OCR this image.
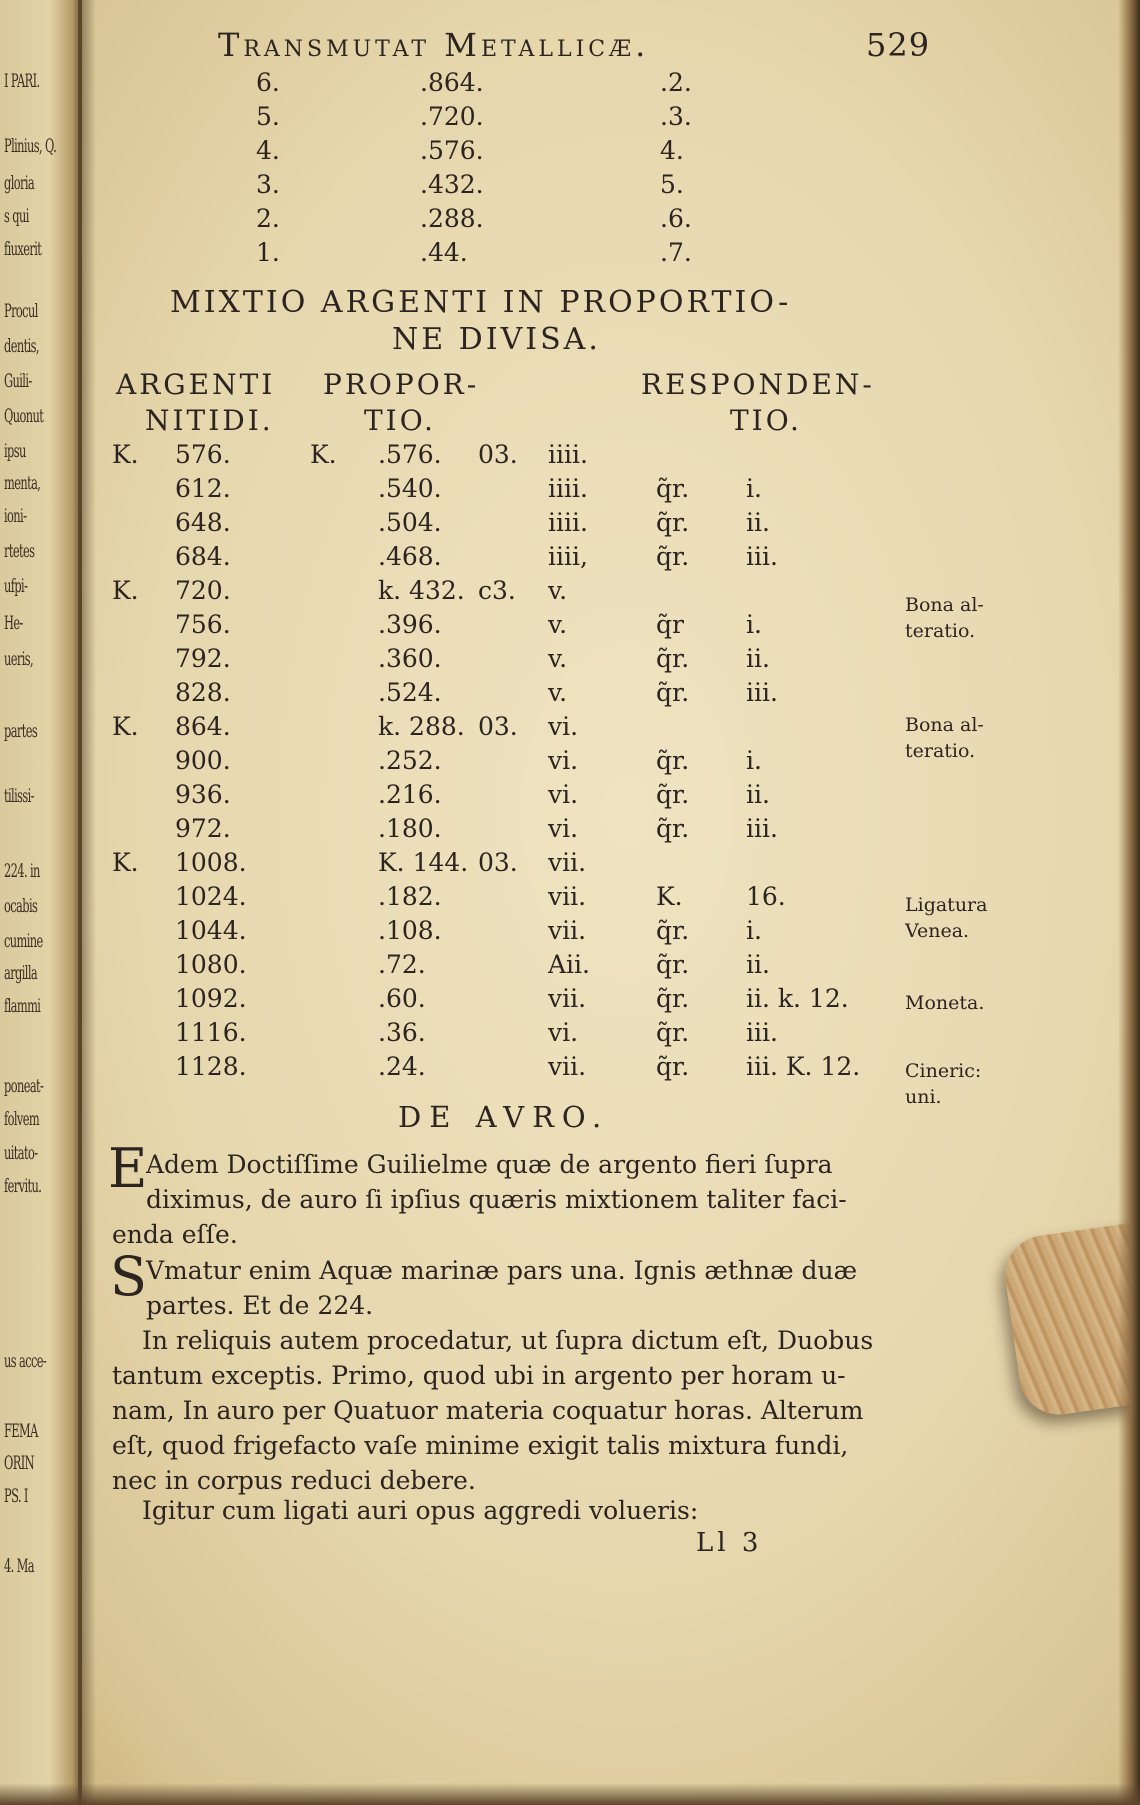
I PARI.
Plinius, Q.
gloria
s qui
fiuxerit
Procul
dentis,
Guili-
Quonut
ipsu
menta,
ioni-
rtetes
ufpi-
He-
ueris,
partes
tilissi-
224. in
ocabis
cumine
argilla
flammi
poneat-
folvem
uitato-
fervitu.
us acce-
FEMA
ORIN
PS. I
4. Ma
Transmutat Metallicæ.	529
6.	.864.	.2.
5.	.720.	.3.
4.	.576.	4.
3.	.432.	5.
2.	.288.	.6.
1.	.44.	.7.
MIXTIO ARGENTI IN PROPORTIO-
NE DIVISA.
ARGENTI
NITIDI.
PROPOR-
TIO.
RESPONDEN-
TIO.
K. 576.	K. .576. 03. iiii.
612.	.540.	iiii.	q̃r. i.
648.	.504.	iiii.	q̃r. ii.
684.	.468.	iiii,	q̃r. iii.
K. 720.	k. 432. c3. v.
756.	.396.	v.	q̃r i.
792.	.360.	v.	q̃r. ii.
828.	.524.	v.	q̃r. iii.
K. 864.	k. 288. 03. vi.
900.	.252.	vi.	q̃r. i.
936.	.216.	vi.	q̃r. ii.
972.	.180.	vi.	q̃r. iii.
K. 1008.	K. 144. 03. vii.
1024.	.182.	vii.	K.	16.
1044.	.108.	vii.	q̃r. i.
1080.	.72.	Aii.	q̃r. ii.
1092.	.60.	vii.	q̃r. ii. k. 12.
1116.	.36.	vi.	q̃r. iii.
1128.	.24.	vii.	q̃r. iii. K. 12.
Bona al-
teratio.
Bona al-
teratio.
Ligatura
Venea.
Moneta.
Cineric:
uni.
DE AVRO.
E
Adem Doctiſſime Guilielme quæ de argento fieri ſupra
diximus, de auro ſi ipſius quæris mixtionem taliter faci-
enda eſſe.
S Vmatur enim Aquæ marinæ pars una. Ignis æthnæ duæ
partes. Et de 224.
In reliquis autem procedatur, ut ſupra dictum eſt, Duobus
tantum exceptis. Primo, quod ubi in argento per horam u-
nam, In auro per Quatuor materia coquatur horas. Alterum
eſt, quod frigefacto vaſe minime exigit talis mixtura fundi,
nec in corpus reduci debere.
Igitur cum ligati auri opus aggredi volueris:
Ll 3
